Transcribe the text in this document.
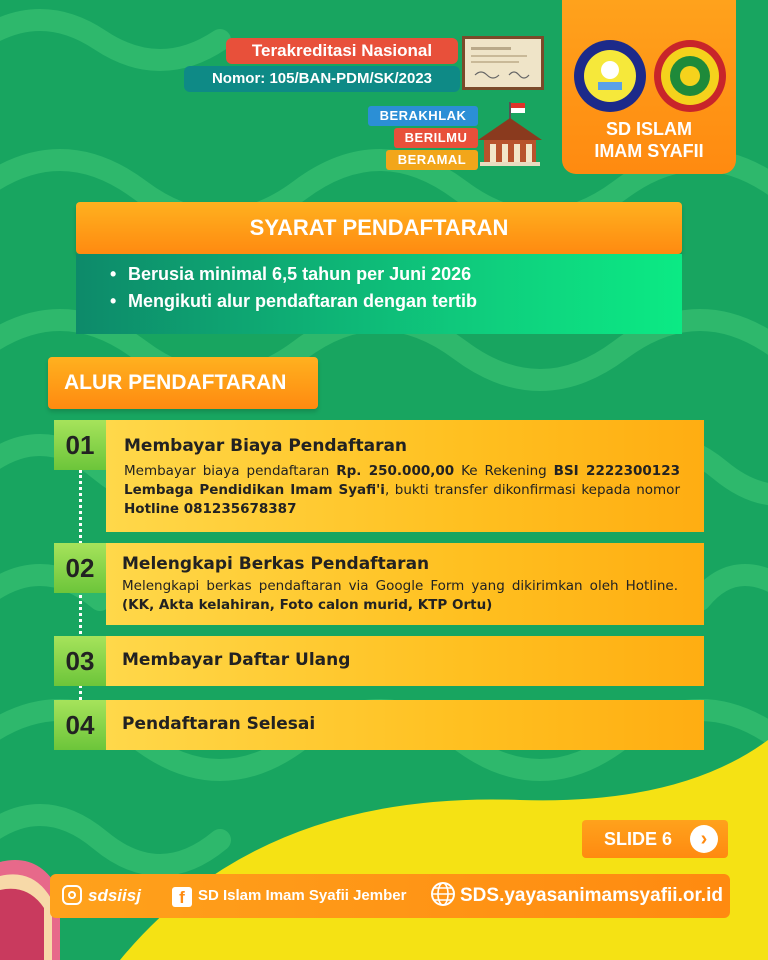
Terakreditasi Nasional
Nomor: 105/BAN-PDM/SK/2023
BERAKHLAK
BERILMU
BERAMAL
SD ISLAM
IMAM SYAFII
SYARAT PENDAFTARAN
• Berusia minimal 6,5 tahun per Juni 2026
• Mengikuti alur pendaftaran dengan tertib
ALUR PENDAFTARAN
Membayar Biaya Pendaftaran
Membayar biaya pendaftaran Rp. 250.000,00 Ke Rekening BSI 2222300123 Lembaga Pendidikan Imam Syafi'i, bukti transfer dikonfirmasi kepada nomor Hotline 081235678387
01
Melengkapi Berkas Pendaftaran
Melengkapi berkas pendaftaran via Google Form yang dikirimkan oleh Hotline. (KK, Akta kelahiran, Foto calon murid, KTP Ortu)
02
Membayar Daftar Ulang
03
Pendaftaran Selesai
04
SLIDE 6	›
sdsiisj	f SD Islam Imam Syafii Jember	SDS.yayasanimamsyafii.or.id
